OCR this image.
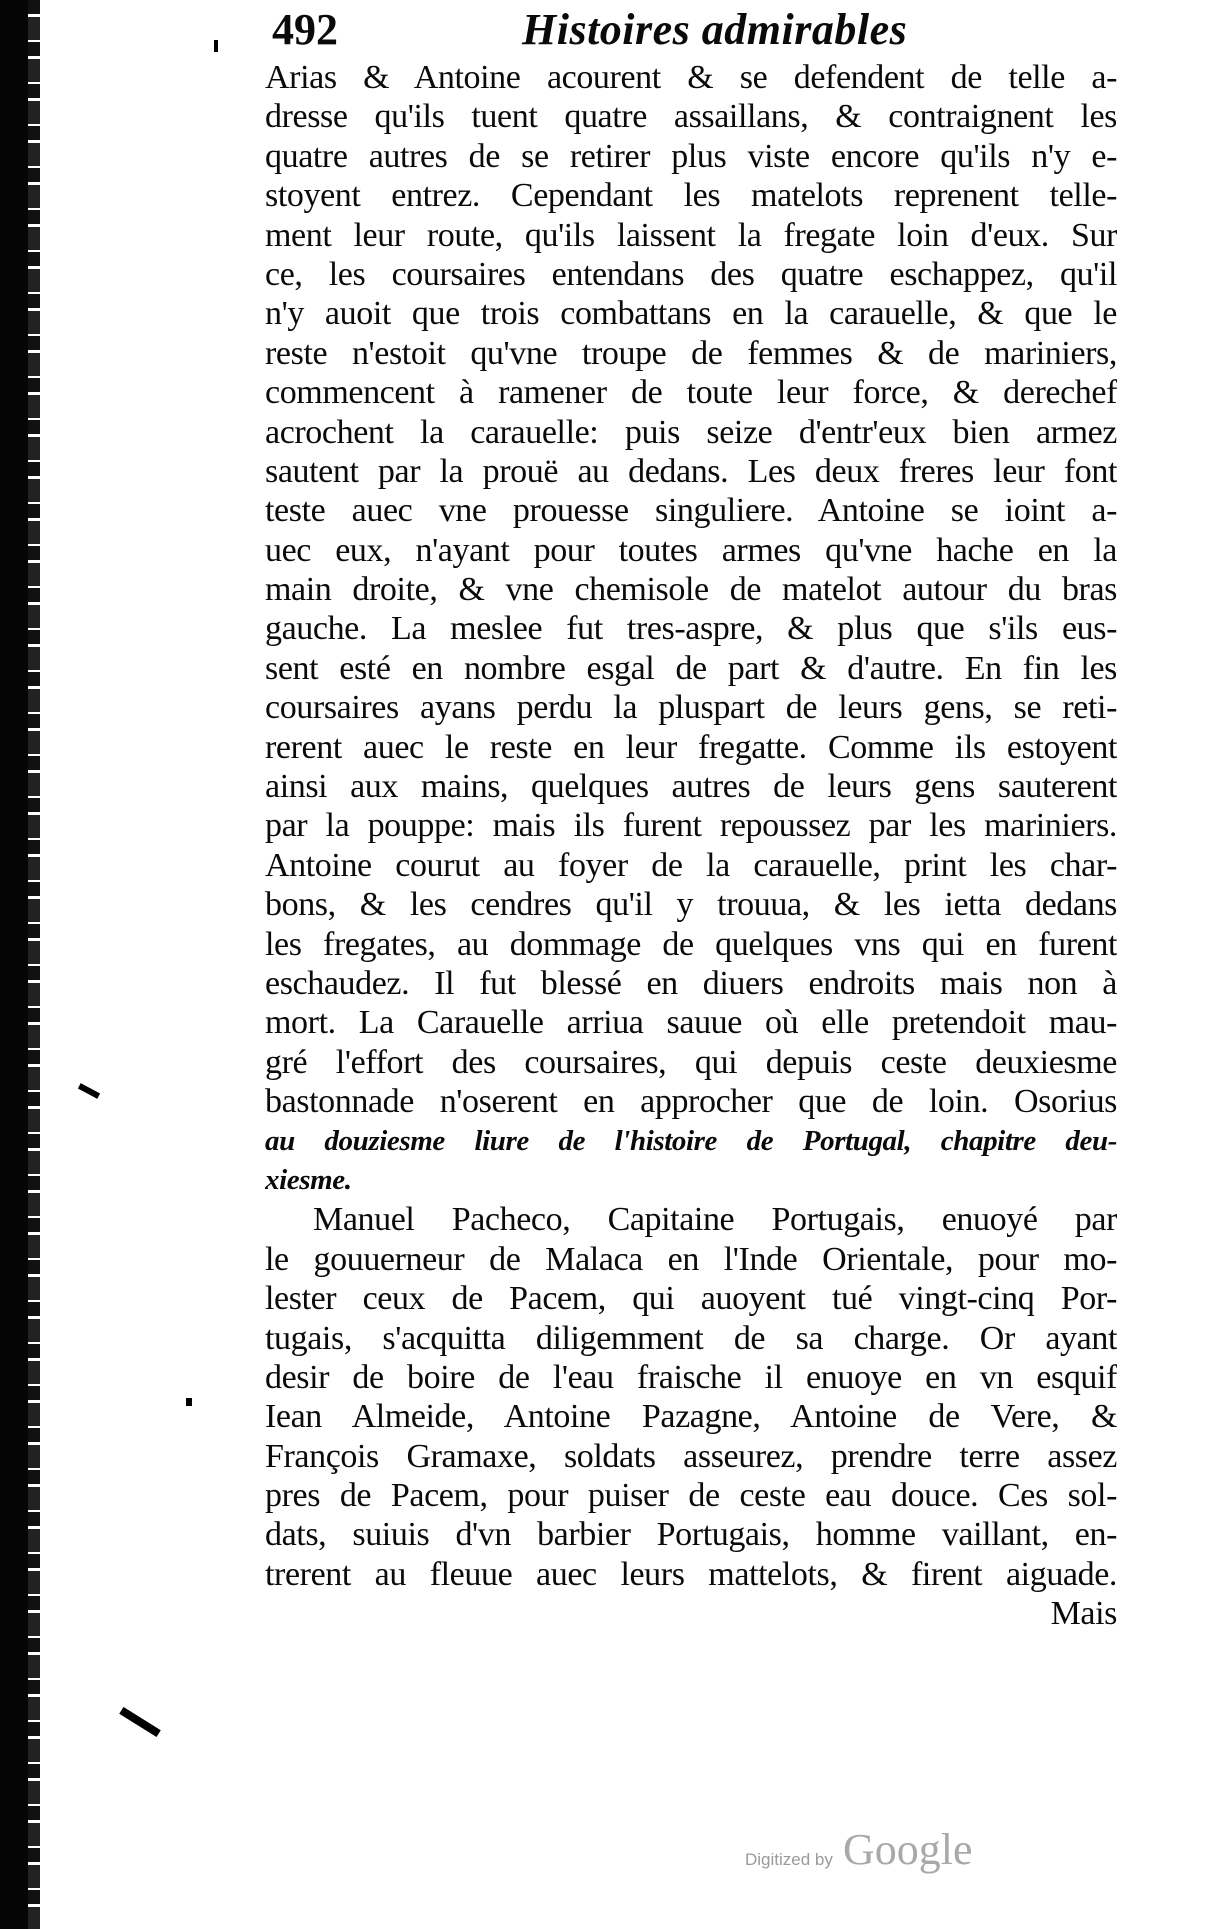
492	Histoires admirables
Arias & Antoine acourent & se defendent de telle a-
dresse qu'ils tuent quatre assaillans, & contraignent les
quatre autres de se retirer plus viste encore qu'ils n'y e-
stoyent entrez. Cependant les matelots reprenent telle-
ment leur route, qu'ils laissent la fregate loin d'eux. Sur
ce, les coursaires entendans des quatre eschappez, qu'il
n'y auoit que trois combattans en la carauelle, & que le
reste n'estoit qu'vne troupe de femmes & de mariniers,
commencent à ramener de toute leur force, & derechef
acrochent la carauelle: puis seize d'entr'eux bien armez
sautent par la prouë au dedans. Les deux freres leur font
teste auec vne prouesse singuliere. Antoine se ioint a-
uec eux, n'ayant pour toutes armes qu'vne hache en la
main droite, & vne chemisole de matelot autour du bras
gauche. La meslee fut tres-aspre, & plus que s'ils eus-
sent esté en nombre esgal de part & d'autre. En fin les
coursaires ayans perdu la pluspart de leurs gens, se reti-
rerent auec le reste en leur fregatte. Comme ils estoyent
ainsi aux mains, quelques autres de leurs gens sauterent
par la pouppe: mais ils furent repoussez par les mariniers.
Antoine courut au foyer de la carauelle, print les char-
bons, & les cendres qu'il y trouua, & les ietta dedans
les fregates, au dommage de quelques vns qui en furent
eschaudez. Il fut blessé en diuers endroits mais non à
mort. La Carauelle arriua sauue où elle pretendoit mau-
gré l'effort des coursaires, qui depuis ceste deuxiesme
bastonnade n'oserent en approcher que de loin. Osorius
au douziesme liure de l'histoire de Portugal, chapitre deu-
xiesme.
Manuel Pacheco, Capitaine Portugais, enuoyé par
le gouuerneur de Malaca en l'Inde Orientale, pour mo-
lester ceux de Pacem, qui auoyent tué vingt-cinq Por-
tugais, s'acquitta diligemment de sa charge. Or ayant
desir de boire de l'eau fraische il enuoye en vn esquif
Iean Almeide, Antoine Pazagne, Antoine de Vere, &
François Gramaxe, soldats asseurez, prendre terre assez
pres de Pacem, pour puiser de ceste eau douce. Ces sol-
dats, suiuis d'vn barbier Portugais, homme vaillant, en-
trerent au fleuue auec leurs mattelots, & firent aiguade.
Mais
Digitized by Google
